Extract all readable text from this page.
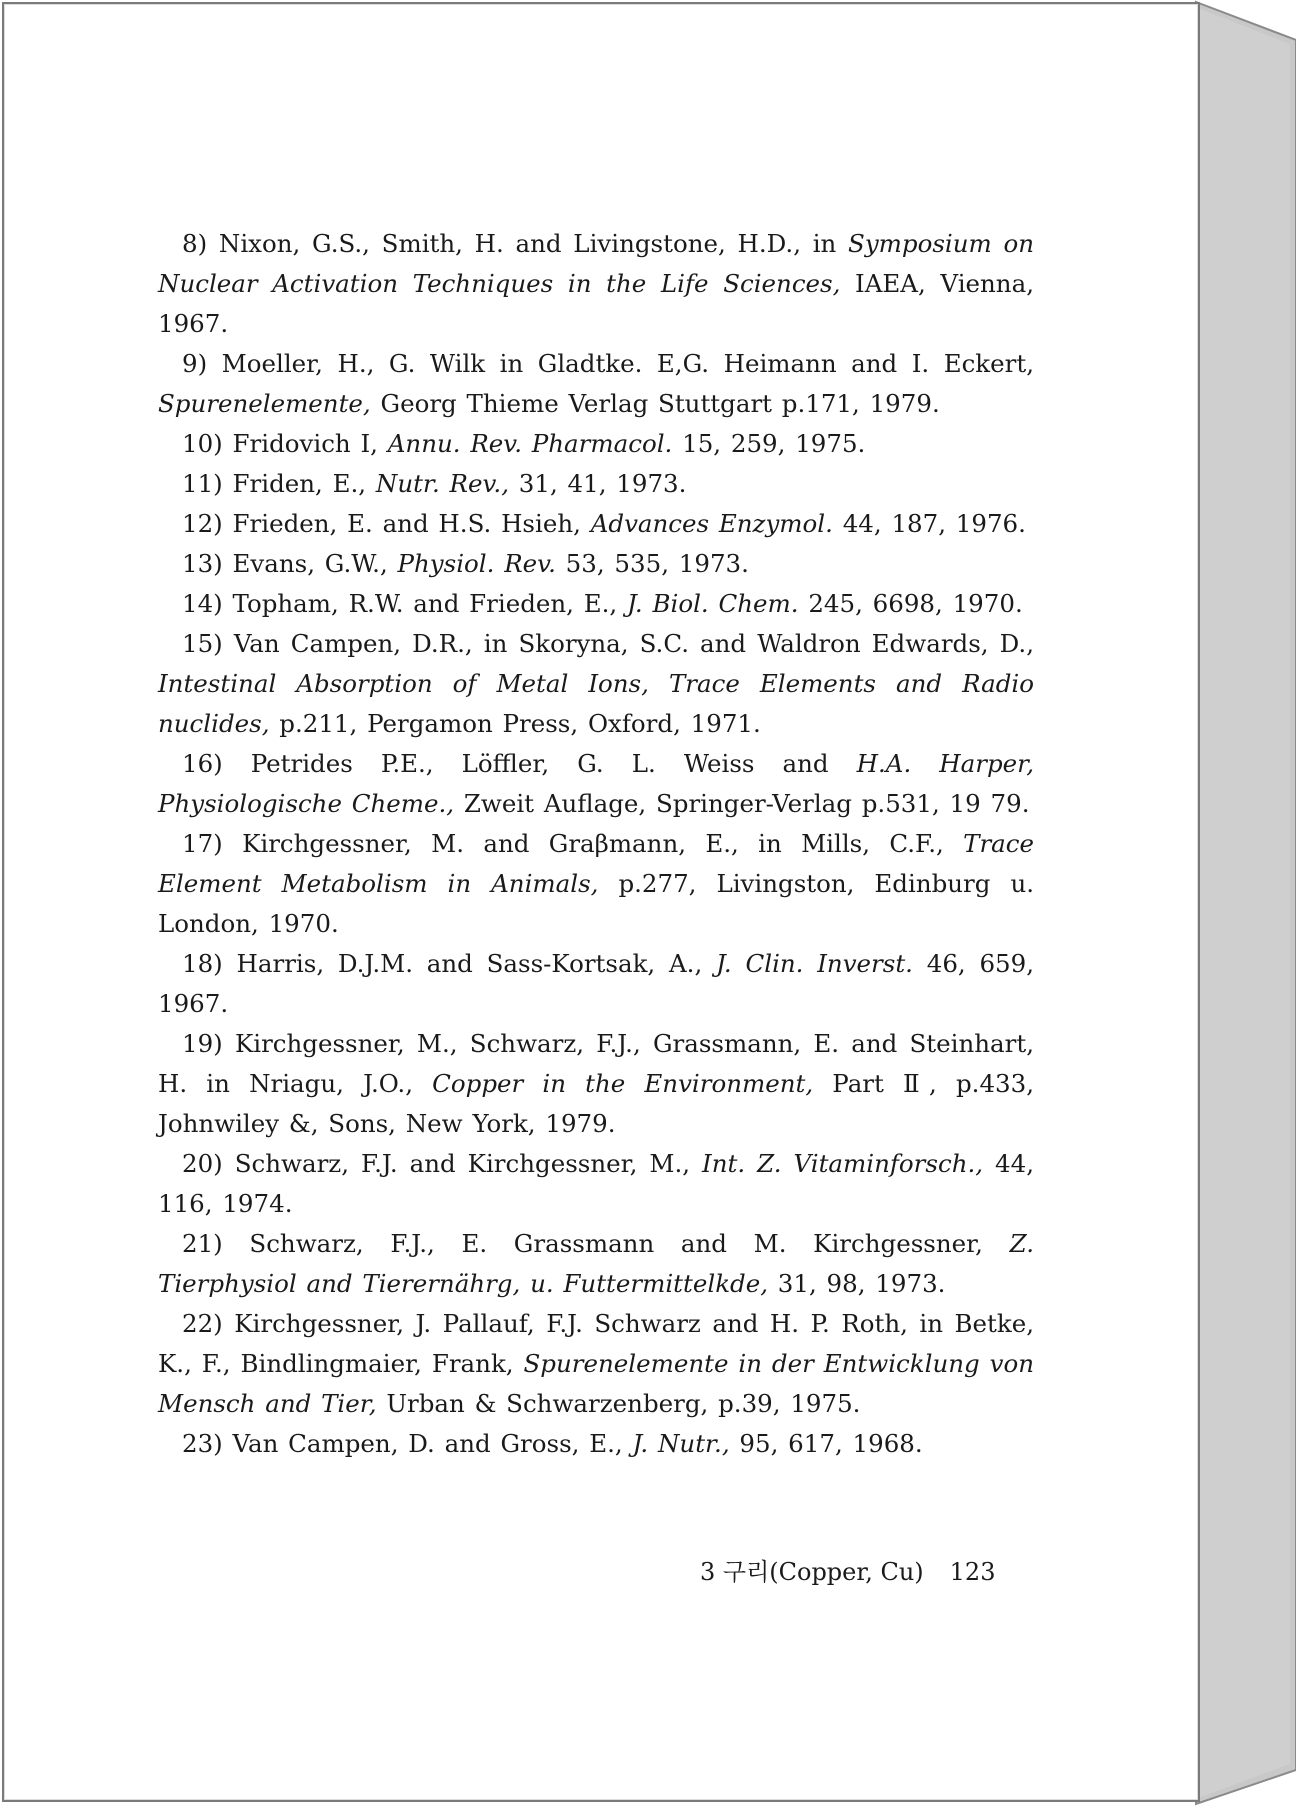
8) Nixon, G.S., Smith, H. and Livingstone, H.D., in Symposium on Nuclear Activation Techniques in the Life Sciences, IAEA, Vienna, 1967.

9) Moeller, H., G. Wilk in Gladtke. E,G. Heimann and I. Eckert, Spurenelemente, Georg Thieme Verlag Stuttgart p.171, 1979.

10) Fridovich I, Annu. Rev. Pharmacol. 15, 259, 1975.

11) Friden, E., Nutr. Rev., 31, 41, 1973.

12) Frieden, E. and H.S. Hsieh, Advances Enzymol. 44, 187, 1976.

13) Evans, G.W., Physiol. Rev. 53, 535, 1973.

14) Topham, R.W. and Frieden, E., J. Biol. Chem. 245, 6698, 1970.

15) Van Campen, D.R., in Skoryna, S.C. and Waldron Edwards, D., Intestinal Absorption of Metal Ions, Trace Elements and Radio nuclides, p.211, Pergamon Press, Oxford, 1971.

16) Petrides P.E., Löffler, G. L. Weiss and H.A. Harper, Physiologische Cheme., Zweit Auflage, Springer-Verlag p.531, 19 79.

17) Kirchgessner, M. and Graβmann, E., in Mills, C.F., Trace Element Metabolism in Animals, p.277, Livingston, Edinburg u. London, 1970.

18) Harris, D.J.M. and Sass-Kortsak, A., J. Clin. Inverst. 46, 659, 1967.

19) Kirchgessner, M., Schwarz, F.J., Grassmann, E. and Steinhart, H. in Nriagu, J.O., Copper in the Environment, Part Ⅱ, p.433, Johnwiley &, Sons, New York, 1979.

20) Schwarz, F.J. and Kirchgessner, M., Int. Z. Vitaminforsch., 44, 116, 1974.

21) Schwarz, F.J., E. Grassmann and M. Kirchgessner, Z. Tierphysiol and Tierernährg, u. Futtermittelkde, 31, 98, 1973.

22) Kirchgessner, J. Pallauf, F.J. Schwarz and H. P. Roth, in Betke, K., F., Bindlingmaier, Frank, Spurenelemente in der Entwicklung von Mensch and Tier, Urban & Schwarzenberg, p.39, 1975.

23) Van Campen, D. and Gross, E., J. Nutr., 95, 617, 1968.

3 구리(Copper, Cu) 123
